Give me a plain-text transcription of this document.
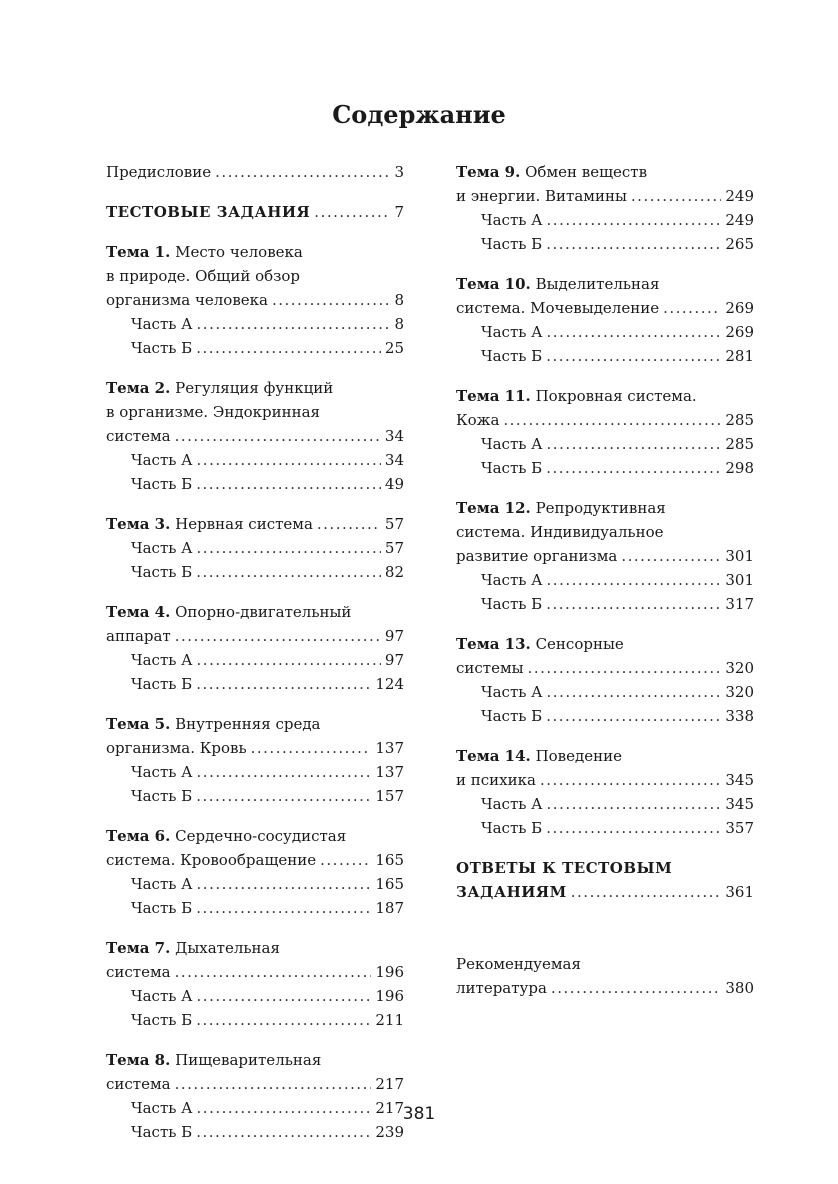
Содержание
Предисловие .....	3
ТЕСТОВЫЕ ЗАДАНИЯ .....	7
Тема 1. Место человека
в природе. Общий обзор
организма человека .....	8
Часть А .....	8
Часть Б .....	25
Тема 2. Регуляция функций
в организме. Эндокринная
система .....	34
Часть А .....	34
Часть Б .....	49
Тема 3. Нервная система .....	57
Часть А .....	57
Часть Б .....	82
Тема 4. Опорно-двигательный
аппарат .....	97
Часть А .....	97
Часть Б .....	124
Тема 5. Внутренняя среда
организма. Кровь .....	137
Часть А .....	137
Часть Б .....	157
Тема 6. Сердечно-сосудистая
система. Кровообращение .....	165
Часть А .....	165
Часть Б .....	187
Тема 7. Дыхательная
система .....	196
Часть А .....	196
Часть Б .....	211
Тема 8. Пищеварительная
система .....	217
Часть А .....	217
Часть Б .....	239
Тема 9. Обмен веществ
и энергии. Витамины .....	249
Часть А .....	249
Часть Б .....	265
Тема 10. Выделительная
система. Мочевыделение .....	269
Часть А .....	269
Часть Б .....	281
Тема 11. Покровная система.
Кожа .....	285
Часть А .....	285
Часть Б .....	298
Тема 12. Репродуктивная
система. Индивидуальное
развитие организма .....	301
Часть А .....	301
Часть Б .....	317
Тема 13. Сенсорные
системы .....	320
Часть А .....	320
Часть Б .....	338
Тема 14. Поведение
и психика .....	345
Часть А .....	345
Часть Б .....	357
ОТВЕТЫ К ТЕСТОВЫМ
ЗАДАНИЯМ .....	361
Рекомендуемая
литература .....	380
381
